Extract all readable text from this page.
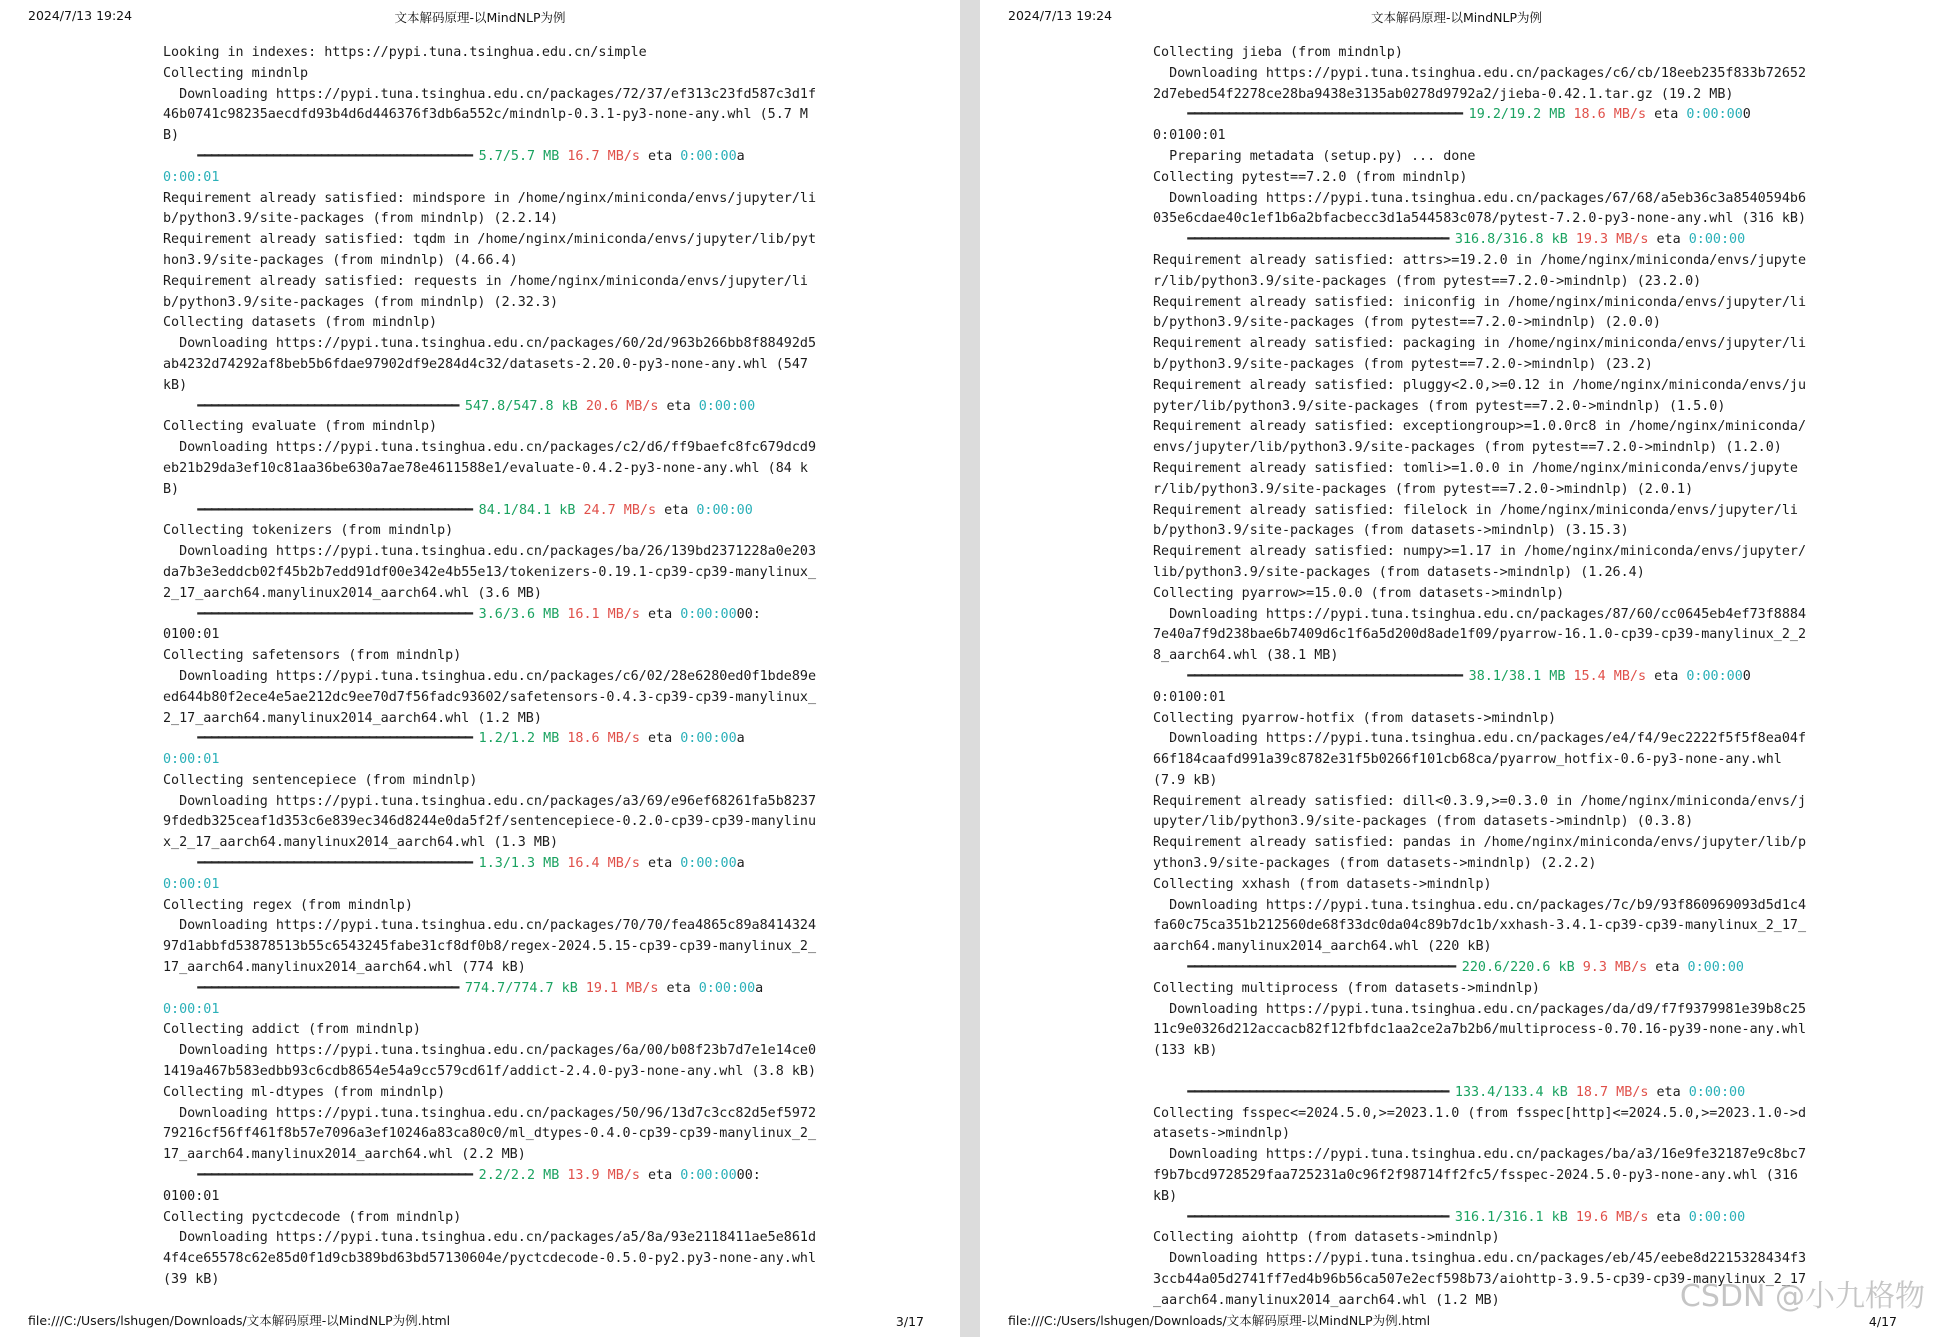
2024/7/13 19:24	文本解码原理-以MindNLP为例
Looking in indexes: https://pypi.tuna.tsinghua.edu.cn/simple
Collecting mindnlp
Downloading https://pypi.tuna.tsinghua.edu.cn/packages/72/37/ef313c23fd587c3d1f
46b0741c98235aecdfd93b4d6d446376f3db6a552c/mindnlp-0.3.1-py3-none-any.whl (5.7 M
B)
━━━━━━━━━━━━━━━━━━━━━━━━━━━━━━━━━━━━━━━━ 5.7/5.7 MB 16.7 MB/s eta 0:00:00a
0:00:01
Requirement already satisfied: mindspore in /home/nginx/miniconda/envs/jupyter/li
b/python3.9/site-packages (from mindnlp) (2.2.14)
Requirement already satisfied: tqdm in /home/nginx/miniconda/envs/jupyter/lib/pyt
hon3.9/site-packages (from mindnlp) (4.66.4)
Requirement already satisfied: requests in /home/nginx/miniconda/envs/jupyter/li
b/python3.9/site-packages (from mindnlp) (2.32.3)
Collecting datasets (from mindnlp)
Downloading https://pypi.tuna.tsinghua.edu.cn/packages/60/2d/963b266bb8f88492d5
ab4232d74292af8beb5b6fdae97902df9e284d4c32/datasets-2.20.0-py3-none-any.whl (547
kB)
━━━━━━━━━━━━━━━━━━━━━━━━━━━━━━━━━━━━━━ 547.8/547.8 kB 20.6 MB/s eta 0:00:00
Collecting evaluate (from mindnlp)
Downloading https://pypi.tuna.tsinghua.edu.cn/packages/c2/d6/ff9baefc8fc679dcd9
eb21b29da3ef10c81aa36be630a7ae78e4611588e1/evaluate-0.4.2-py3-none-any.whl (84 k
B)
━━━━━━━━━━━━━━━━━━━━━━━━━━━━━━━━━━━━━━━━ 84.1/84.1 kB 24.7 MB/s eta 0:00:00
Collecting tokenizers (from mindnlp)
Downloading https://pypi.tuna.tsinghua.edu.cn/packages/ba/26/139bd2371228a0e203
da7b3e3eddcb02f45b2b7edd91df00e342e4b55e13/tokenizers-0.19.1-cp39-cp39-manylinux_
2_17_aarch64.manylinux2014_aarch64.whl (3.6 MB)
━━━━━━━━━━━━━━━━━━━━━━━━━━━━━━━━━━━━━━━━ 3.6/3.6 MB 16.1 MB/s eta 0:00:0000:
0100:01
Collecting safetensors (from mindnlp)
Downloading https://pypi.tuna.tsinghua.edu.cn/packages/c6/02/28e6280ed0f1bde89e
ed644b80f2ece4e5ae212dc9ee70d7f56fadc93602/safetensors-0.4.3-cp39-cp39-manylinux_
2_17_aarch64.manylinux2014_aarch64.whl (1.2 MB)
━━━━━━━━━━━━━━━━━━━━━━━━━━━━━━━━━━━━━━━━ 1.2/1.2 MB 18.6 MB/s eta 0:00:00a
0:00:01
Collecting sentencepiece (from mindnlp)
Downloading https://pypi.tuna.tsinghua.edu.cn/packages/a3/69/e96ef68261fa5b8237
9fdedb325ceaf1d353c6e839ec346d8244e0da5f2f/sentencepiece-0.2.0-cp39-cp39-manylinu
x_2_17_aarch64.manylinux2014_aarch64.whl (1.3 MB)
━━━━━━━━━━━━━━━━━━━━━━━━━━━━━━━━━━━━━━━━ 1.3/1.3 MB 16.4 MB/s eta 0:00:00a
0:00:01
Collecting regex (from mindnlp)
Downloading https://pypi.tuna.tsinghua.edu.cn/packages/70/70/fea4865c89a8414324
97d1abbfd53878513b55c6543245fabe31cf8df0b8/regex-2024.5.15-cp39-cp39-manylinux_2_
17_aarch64.manylinux2014_aarch64.whl (774 kB)
━━━━━━━━━━━━━━━━━━━━━━━━━━━━━━━━━━━━━━ 774.7/774.7 kB 19.1 MB/s eta 0:00:00a
0:00:01
Collecting addict (from mindnlp)
Downloading https://pypi.tuna.tsinghua.edu.cn/packages/6a/00/b08f23b7d7e1e14ce0
1419a467b583edbb93c6cdb8654e54a9cc579cd61f/addict-2.4.0-py3-none-any.whl (3.8 kB)
Collecting ml-dtypes (from mindnlp)
Downloading https://pypi.tuna.tsinghua.edu.cn/packages/50/96/13d7c3cc82d5ef5972
79216cf56ff461f8b57e7096a3ef10246a83ca80c0/ml_dtypes-0.4.0-cp39-cp39-manylinux_2_
17_aarch64.manylinux2014_aarch64.whl (2.2 MB)
━━━━━━━━━━━━━━━━━━━━━━━━━━━━━━━━━━━━━━━━ 2.2/2.2 MB 13.9 MB/s eta 0:00:0000:
0100:01
Collecting pyctcdecode (from mindnlp)
Downloading https://pypi.tuna.tsinghua.edu.cn/packages/a5/8a/93e2118411ae5e861d
4f4ce65578c62e85d0f1d9cb389bd63bd57130604e/pyctcdecode-0.5.0-py2.py3-none-any.whl
(39 kB)
file:///C:/Users/lshugen/Downloads/文本解码原理-以MindNLP为例.html	3/17
2024/7/13 19:24	文本解码原理-以MindNLP为例
Collecting jieba (from mindnlp)
Downloading https://pypi.tuna.tsinghua.edu.cn/packages/c6/cb/18eeb235f833b72652
2d7ebed54f2278ce28ba9438e3135ab0278d9792a2/jieba-0.42.1.tar.gz (19.2 MB)
━━━━━━━━━━━━━━━━━━━━━━━━━━━━━━━━━━━━━━━━ 19.2/19.2 MB 18.6 MB/s eta 0:00:000
0:0100:01
Preparing metadata (setup.py) ... done
Collecting pytest==7.2.0 (from mindnlp)
Downloading https://pypi.tuna.tsinghua.edu.cn/packages/67/68/a5eb36c3a8540594b6
035e6cdae40c1ef1b6a2bfacbecc3d1a544583c078/pytest-7.2.0-py3-none-any.whl (316 kB)
━━━━━━━━━━━━━━━━━━━━━━━━━━━━━━━━━━━━━━ 316.8/316.8 kB 19.3 MB/s eta 0:00:00
Requirement already satisfied: attrs>=19.2.0 in /home/nginx/miniconda/envs/jupyte
r/lib/python3.9/site-packages (from pytest==7.2.0->mindnlp) (23.2.0)
Requirement already satisfied: iniconfig in /home/nginx/miniconda/envs/jupyter/li
b/python3.9/site-packages (from pytest==7.2.0->mindnlp) (2.0.0)
Requirement already satisfied: packaging in /home/nginx/miniconda/envs/jupyter/li
b/python3.9/site-packages (from pytest==7.2.0->mindnlp) (23.2)
Requirement already satisfied: pluggy<2.0,>=0.12 in /home/nginx/miniconda/envs/ju
pyter/lib/python3.9/site-packages (from pytest==7.2.0->mindnlp) (1.5.0)
Requirement already satisfied: exceptiongroup>=1.0.0rc8 in /home/nginx/miniconda/
envs/jupyter/lib/python3.9/site-packages (from pytest==7.2.0->mindnlp) (1.2.0)
Requirement already satisfied: tomli>=1.0.0 in /home/nginx/miniconda/envs/jupyte
r/lib/python3.9/site-packages (from pytest==7.2.0->mindnlp) (2.0.1)
Requirement already satisfied: filelock in /home/nginx/miniconda/envs/jupyter/li
b/python3.9/site-packages (from datasets->mindnlp) (3.15.3)
Requirement already satisfied: numpy>=1.17 in /home/nginx/miniconda/envs/jupyter/
lib/python3.9/site-packages (from datasets->mindnlp) (1.26.4)
Collecting pyarrow>=15.0.0 (from datasets->mindnlp)
Downloading https://pypi.tuna.tsinghua.edu.cn/packages/87/60/cc0645eb4ef73f8884
7e40a7f9d238bae6b7409d6c1f6a5d200d8ade1f09/pyarrow-16.1.0-cp39-cp39-manylinux_2_2
8_aarch64.whl (38.1 MB)
━━━━━━━━━━━━━━━━━━━━━━━━━━━━━━━━━━━━━━━━ 38.1/38.1 MB 15.4 MB/s eta 0:00:000
0:0100:01
Collecting pyarrow-hotfix (from datasets->mindnlp)
Downloading https://pypi.tuna.tsinghua.edu.cn/packages/e4/f4/9ec2222f5f5f8ea04f
66f184caafd991a39c8782e31f5b0266f101cb68ca/pyarrow_hotfix-0.6-py3-none-any.whl
(7.9 kB)
Requirement already satisfied: dill<0.3.9,>=0.3.0 in /home/nginx/miniconda/envs/j
upyter/lib/python3.9/site-packages (from datasets->mindnlp) (0.3.8)
Requirement already satisfied: pandas in /home/nginx/miniconda/envs/jupyter/lib/p
ython3.9/site-packages (from datasets->mindnlp) (2.2.2)
Collecting xxhash (from datasets->mindnlp)
Downloading https://pypi.tuna.tsinghua.edu.cn/packages/7c/b9/93f860969093d5d1c4
fa60c75ca351b212560de68f33dc0da04c89b7dc1b/xxhash-3.4.1-cp39-cp39-manylinux_2_17_
aarch64.manylinux2014_aarch64.whl (220 kB)
━━━━━━━━━━━━━━━━━━━━━━━━━━━━━━━━━━━━━━━ 220.6/220.6 kB 9.3 MB/s eta 0:00:00
Collecting multiprocess (from datasets->mindnlp)
Downloading https://pypi.tuna.tsinghua.edu.cn/packages/da/d9/f7f9379981e39b8c25
11c9e0326d212accacb82f12fbfdc1aa2ce2a7b2b6/multiprocess-0.70.16-py39-none-any.whl
(133 kB)

━━━━━━━━━━━━━━━━━━━━━━━━━━━━━━━━━━━━━━ 133.4/133.4 kB 18.7 MB/s eta 0:00:00
Collecting fsspec<=2024.5.0,>=2023.1.0 (from fsspec[http]<=2024.5.0,>=2023.1.0->d
atasets->mindnlp)
Downloading https://pypi.tuna.tsinghua.edu.cn/packages/ba/a3/16e9fe32187e9c8bc7
f9b7bcd9728529faa725231a0c96f2f98714ff2fc5/fsspec-2024.5.0-py3-none-any.whl (316
kB)
━━━━━━━━━━━━━━━━━━━━━━━━━━━━━━━━━━━━━━ 316.1/316.1 kB 19.6 MB/s eta 0:00:00
Collecting aiohttp (from datasets->mindnlp)
Downloading https://pypi.tuna.tsinghua.edu.cn/packages/eb/45/eebe8d2215328434f3
3ccb44a05d2741ff7ed4b96b56ca507e2ecf598b73/aiohttp-3.9.5-cp39-cp39-manylinux_2_17
_aarch64.manylinux2014_aarch64.whl (1.2 MB)
file:///C:/Users/lshugen/Downloads/文本解码原理-以MindNLP为例.html	4/17
CSDN @小九格物
